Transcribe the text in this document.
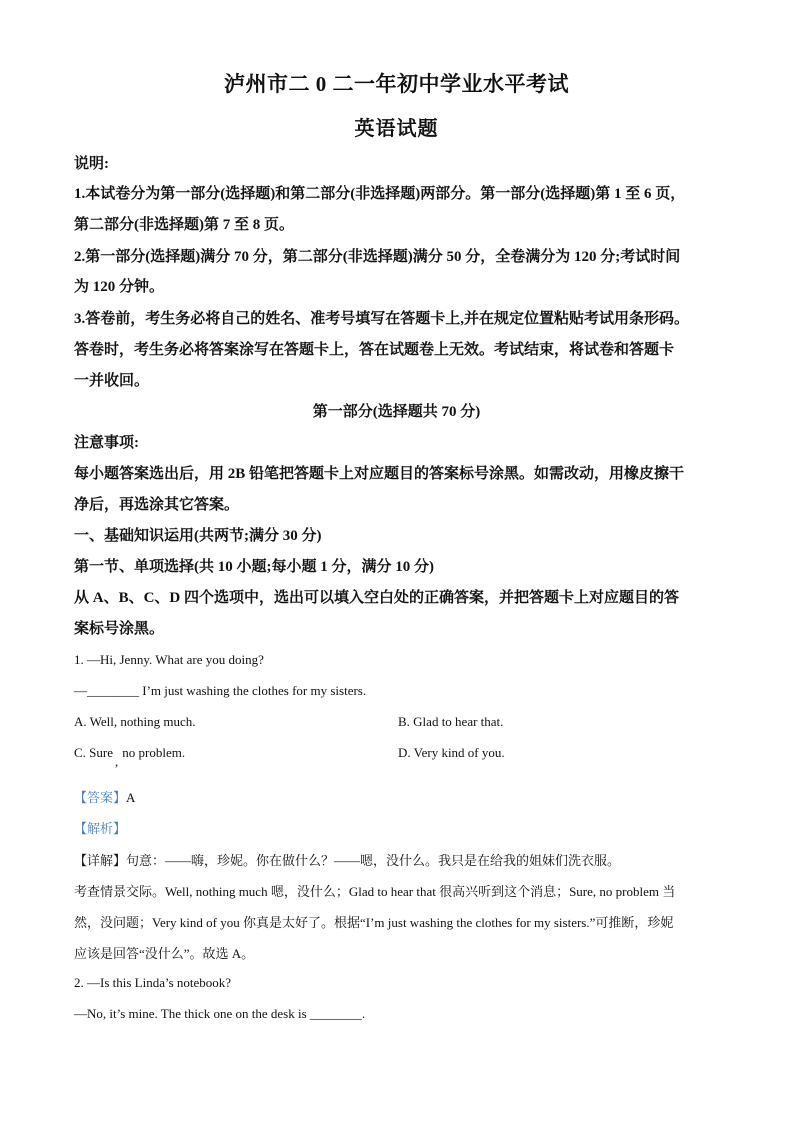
泸州市二 0 二一年初中学业水平考试
英语试题
说明:
1.本试卷分为第一部分(选择题)和第二部分(非选择题)两部分。第一部分(选择题)第 1 至 6 页，
第二部分(非选择题)第 7 至 8 页。
2.第一部分(选择题)满分 70 分，第二部分(非选择题)满分 50 分，全卷满分为 120 分;考试时间
为 120 分钟。
3.答卷前，考生务必将自己的姓名、准考号填写在答题卡上,并在规定位置粘贴考试用条形码。
答卷时，考生务必将答案涂写在答题卡上，答在试题卷上无效。考试结束，将试卷和答题卡
一并收回。
第一部分(选择题共 70 分)
注意事项:
每小题答案选出后，用 2B 铅笔把答题卡上对应题目的答案标号涂黑。如需改动，用橡皮擦干
净后，再选涂其它答案。
一、基础知识运用(共两节;满分 30 分)
第一节、单项选择(共 10 小题;每小题 1 分，满分 10 分)
从 A、B、C、D 四个选项中，选出可以填入空白处的正确答案，并把答题卡上对应题目的答
案标号涂黑。
1. —Hi, Jenny. What are you doing?
—________ I’m just washing the clothes for my sisters.
A. Well, nothing much.	B. Glad to hear that.
C. Sure,no problem.	D. Very kind of you.
【答案】A
【解析】
【详解】句意：——嗨，珍妮。你在做什么？——嗯，没什么。我只是在给我的姐妹们洗衣服。
考查情景交际。Well, nothing much 嗯，没什么；Glad to hear that 很高兴听到这个消息；Sure, no problem 当
然，没问题；Very kind of you 你真是太好了。根据“I’m just washing the clothes for my sisters.”可推断，珍妮
应该是回答“没什么”。故选 A。
2. —Is this Linda’s notebook?
—No, it’s mine. The thick one on the desk is ________.
